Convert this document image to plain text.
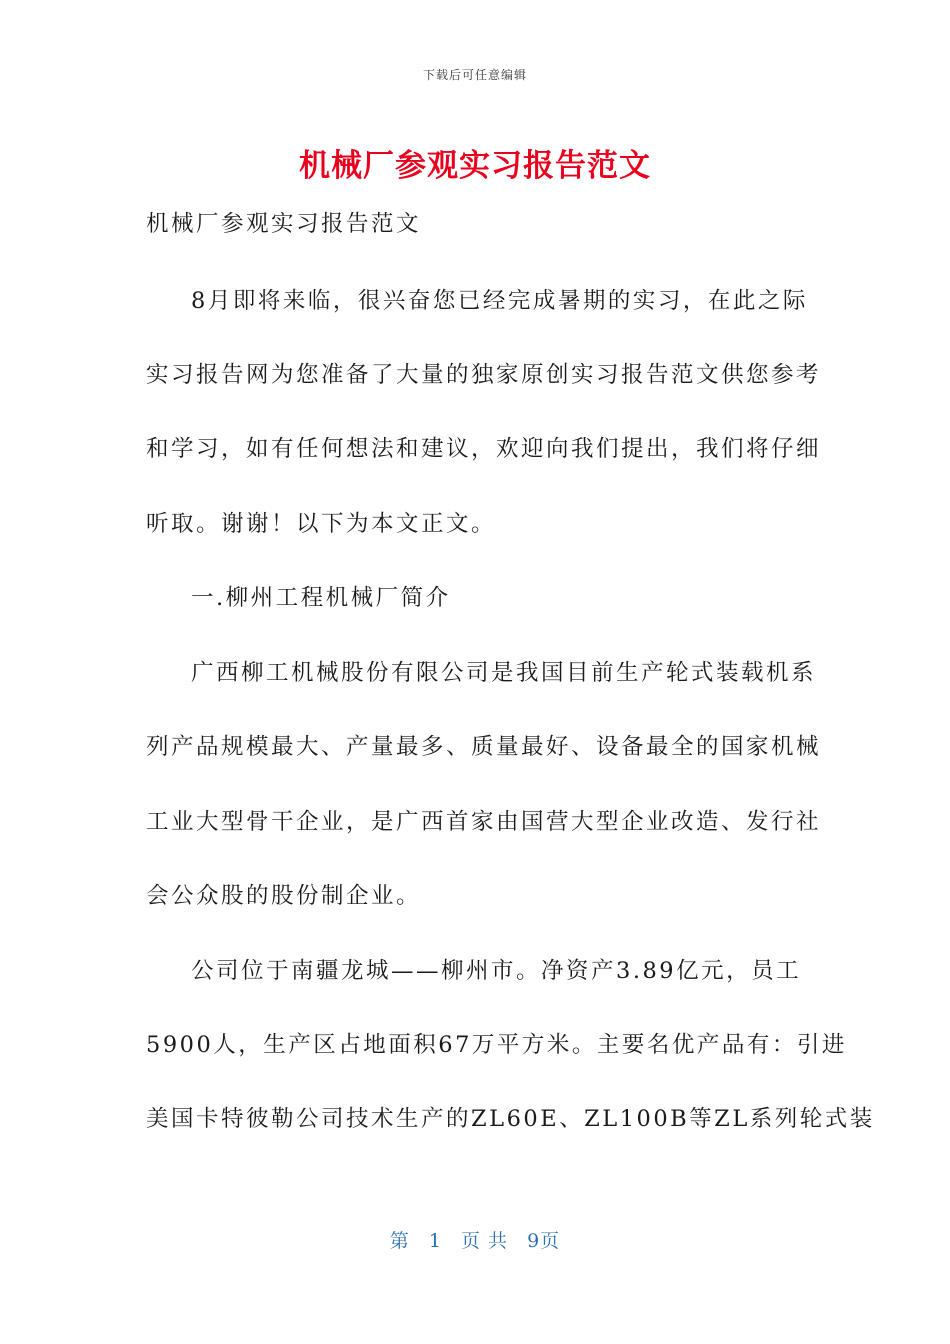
下载后可任意编辑
机械厂参观实习报告范文
机械厂参观实习报告范文
8月即将来临，很兴奋您已经完成暑期的实习，在此之际
实习报告网为您准备了大量的独家原创实习报告范文供您参考
和学习，如有任何想法和建议，欢迎向我们提出，我们将仔细
听取。谢谢！以下为本文正文。
一.柳州工程机械厂简介
广西柳工机械股份有限公司是我国目前生产轮式装载机系
列产品规模最大、产量最多、质量最好、设备最全的国家机械
工业大型骨干企业，是广西首家由国营大型企业改造、发行社
会公众股的股份制企业。
公司位于南疆龙城——柳州市。净资产3.89亿元，员工
5900人，生产区占地面积67万平方米。主要名优产品有：引进
美国卡特彼勒公司技术生产的ZL60E、ZL100B等ZL系列轮式装
第 1 页 共 9页
